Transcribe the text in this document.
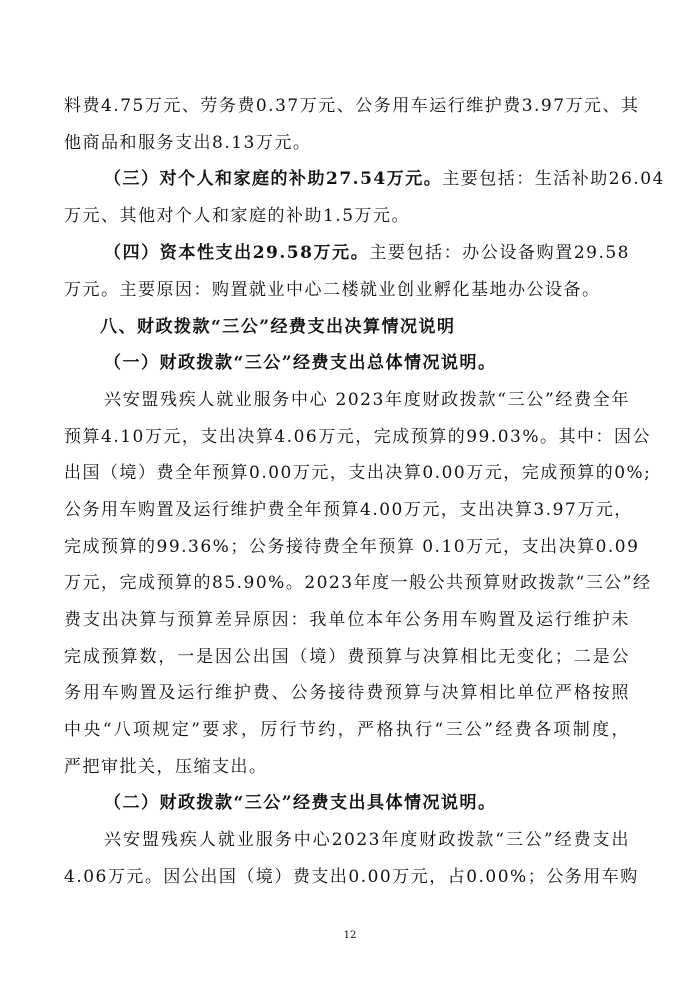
料费4.75万元、劳务费0.37万元、公务用车运行维护费3.97万元、其
他商品和服务支出8.13万元。
（三）对个人和家庭的补助27.54万元。主要包括：生活补助26.04
万元、其他对个人和家庭的补助1.5万元。
（四）资本性支出29.58万元。主要包括：办公设备购置29.58
万元。主要原因：购置就业中心二楼就业创业孵化基地办公设备。
八、财政拨款“三公”经费支出决算情况说明
（一）财政拨款“三公”经费支出总体情况说明。
兴安盟残疾人就业服务中心 2023年度财政拨款“三公”经费全年
预算4.10万元，支出决算4.06万元，完成预算的99.03%。其中：因公
出国（境）费全年预算0.00万元，支出决算0.00万元，完成预算的0%;
公务用车购置及运行维护费全年预算4.00万元，支出决算3.97万元，
完成预算的99.36%；公务接待费全年预算 0.10万元，支出决算0.09
万元，完成预算的85.90%。2023年度一般公共预算财政拨款“三公”经
费支出决算与预算差异原因：我单位本年公务用车购置及运行维护未
完成预算数，一是因公出国（境）费预算与决算相比无变化；二是公
务用车购置及运行维护费、公务接待费预算与决算相比单位严格按照
中央“八项规定”要求，厉行节约，严格执行“三公”经费各项制度，
严把审批关，压缩支出。
（二）财政拨款“三公”经费支出具体情况说明。
兴安盟残疾人就业服务中心2023年度财政拨款“三公”经费支出
4.06万元。因公出国（境）费支出0.00万元，占0.00%；公务用车购
12
